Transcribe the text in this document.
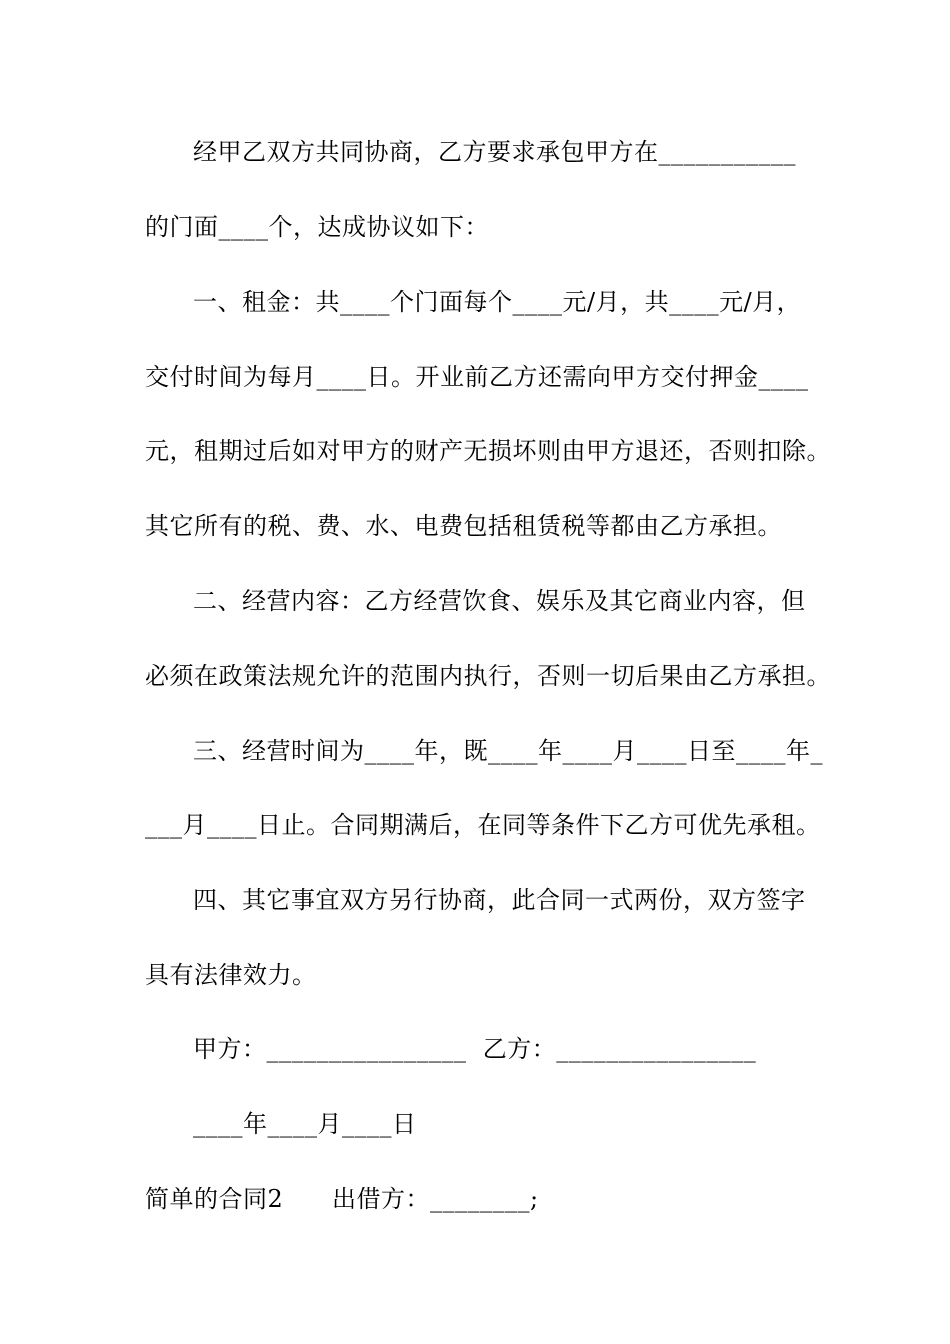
经甲乙双方共同协商，乙方要求承包甲方在___________
的门面____个，达成协议如下：
一、租金：共____个门面每个____元/月，共____元/月，
交付时间为每月____日。开业前乙方还需向甲方交付押金____
元，租期过后如对甲方的财产无损坏则由甲方退还，否则扣除。
其它所有的税、费、水、电费包括租赁税等都由乙方承担。
二、经营内容：乙方经营饮食、娱乐及其它商业内容，但
必须在政策法规允许的范围内执行，否则一切后果由乙方承担。
三、经营时间为____年，既____年____月____日至____年_
___月____日止。合同期满后，在同等条件下乙方可优先承租。
四、其它事宜双方另行协商，此合同一式两份，双方签字
具有法律效力。
甲方：________________  乙方：________________
____年____月____日
简单的合同2      出借方：________;
